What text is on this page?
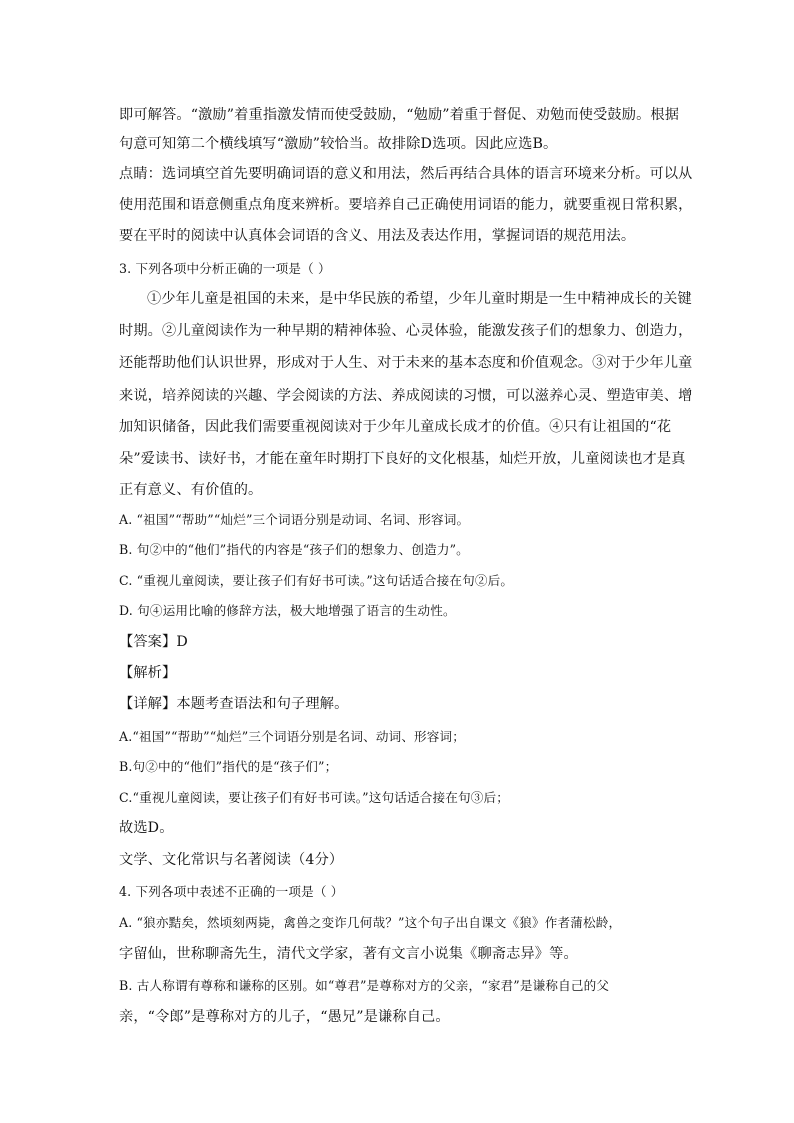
即可解答。“激励”着重指激发情而使受鼓励，“勉励”着重于督促、劝勉而使受鼓励。根据
句意可知第二个横线填写“激励”较恰当。故排除D选项。因此应选B。
点睛：选词填空首先要明确词语的意义和用法，然后再结合具体的语言环境来分析。可以从
使用范围和语意侧重点角度来辨析。要培养自己正确使用词语的能力，就要重视日常积累，
要在平时的阅读中认真体会词语的含义、用法及表达作用，掌握词语的规范用法。
3. 下列各项中分析正确的一项是（ ）
①少年儿童是祖国的未来，是中华民族的希望，少年儿童时期是一生中精神成长的关键
时期。②儿童阅读作为一种早期的精神体验、心灵体验，能激发孩子们的想象力、创造力，
还能帮助他们认识世界，形成对于人生、对于未来的基本态度和价值观念。③对于少年儿童
来说，培养阅读的兴趣、学会阅读的方法、养成阅读的习惯，可以滋养心灵、塑造审美、增
加知识储备，因此我们需要重视阅读对于少年儿童成长成才的价值。④只有让祖国的“花
朵”爱读书、读好书，才能在童年时期打下良好的文化根基，灿烂开放，儿童阅读也才是真
正有意义、有价值的。
A. “祖国”“帮助”“灿烂”三个词语分别是动词、名词、形容词。
B. 句②中的“他们”指代的内容是“孩子们的想象力、创造力”。
C. “重视儿童阅读，要让孩子们有好书可读。”这句话适合接在句②后。
D. 句④运用比喻的修辞方法，极大地增强了语言的生动性。
【答案】D
【解析】
【详解】本题考查语法和句子理解。
A.“祖国”“帮助”“灿烂”三个词语分别是名词、动词、形容词；
B.句②中的“他们”指代的是“孩子们”；
C.“重视儿童阅读，要让孩子们有好书可读。”这句话适合接在句③后；
故选D。
文学、文化常识与名著阅读（4分）
4. 下列各项中表述不正确的一项是（ ）
A. “狼亦黠矣，然顷刻两毙，禽兽之变诈几何哉？”这个句子出自课文《狼》作者蒲松龄，
字留仙，世称聊斋先生，清代文学家，著有文言小说集《聊斋志异》等。
B. 古人称谓有尊称和谦称的区别。如“尊君”是尊称对方的父亲，“家君”是谦称自己的父
亲，“令郎”是尊称对方的儿子，“愚兄”是谦称自己。
